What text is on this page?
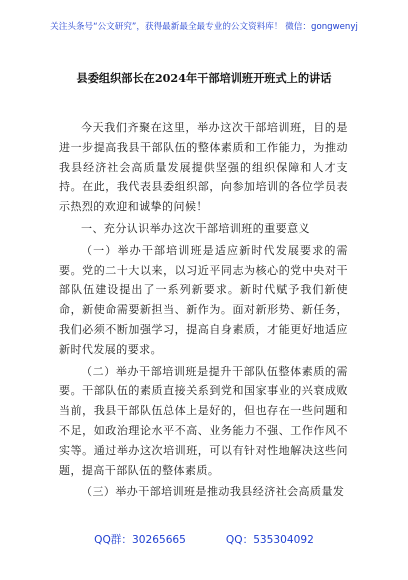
关注头条号“公文研究”，获得最新最全最专业的公文资料库！ 微信：gongwenyj
县委组织部长在2024年干部培训班开班式上的讲话

今天我们齐聚在这里，举办这次干部培训班，目的是进一步提高我县干部队伍的整体素质和工作能力，为推动我县经济社会高质量发展提供坚强的组织保障和人才支持。在此，我代表县委组织部，向参加培训的各位学员表示热烈的欢迎和诚挚的问候！

一、充分认识举办这次干部培训班的重要意义

（一）举办干部培训班是适应新时代发展要求的需要。党的二十大以来，以习近平同志为核心的党中央对干部队伍建设提出了一系列新要求。新时代赋予我们新使命，新使命需要新担当、新作为。面对新形势、新任务，我们必须不断加强学习，提高自身素质，才能更好地适应新时代发展的要求。

（二）举办干部培训班是提升干部队伍整体素质的需要。干部队伍的素质直接关系到党和国家事业的兴衰成败当前，我县干部队伍总体上是好的，但也存在一些问题和不足，如政治理论水平不高、业务能力不强、工作作风不实等。通过举办这次培训班，可以有针对性地解决这些问题，提高干部队伍的整体素质。

（三）举办干部培训班是推动我县经济社会高质量发

QQ群：30265665	QQ：535304092
